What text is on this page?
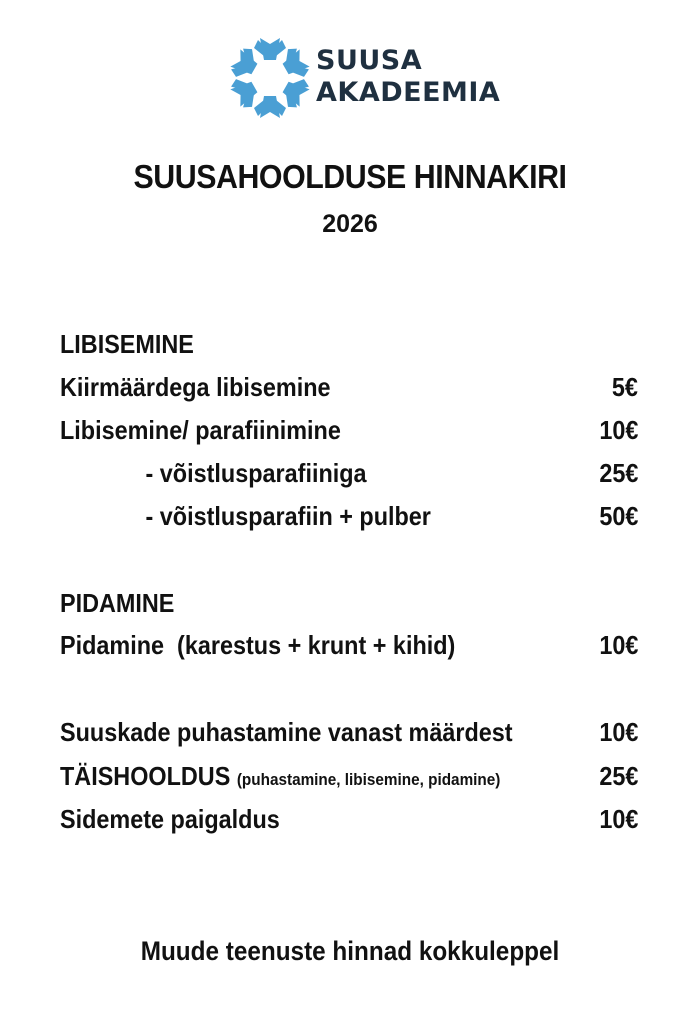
SUUSA
AKADEEMIA
SUUSAHOOLDUSE HINNAKIRI
2026
LIBISEMINE
Kiirmäärdega libisemine	5€
Libisemine/ parafiinimine	10€
- võistlusparafiiniga	25€
- võistlusparafiin + pulber	50€
PIDAMINE
Pidamine  (karestus + krunt + kihid)	10€
Suuskade puhastamine vanast määrdest	10€
TÄISHOOLDUS (puhastamine, libisemine, pidamine)	25€
Sidemete paigaldus	10€
Muude teenuste hinnad kokkuleppel
